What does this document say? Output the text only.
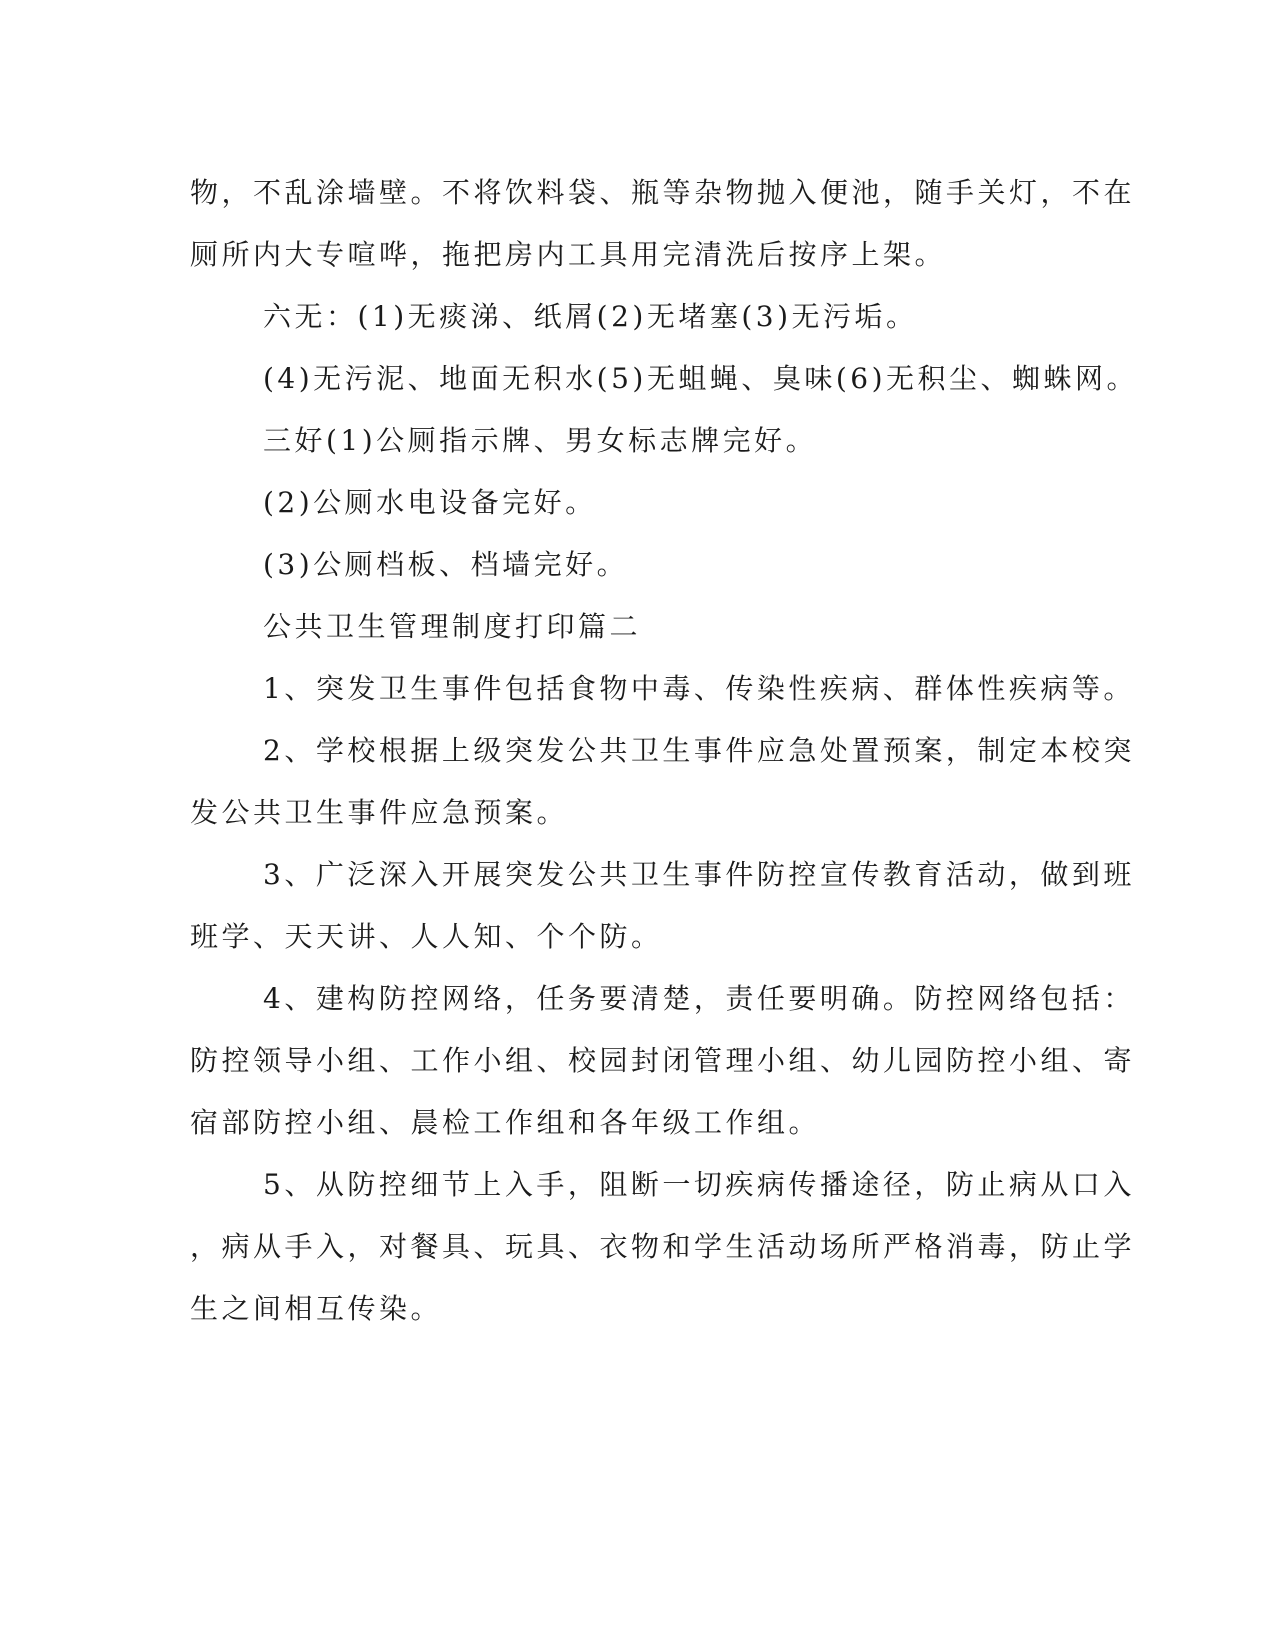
物，不乱涂墙壁。不将饮料袋、瓶等杂物抛入便池，随手关灯，不在
厕所内大专喧哗，拖把房内工具用完清洗后按序上架。
六无：(1)无痰涕、纸屑(2)无堵塞(3)无污垢。
(4)无污泥、地面无积水(5)无蛆蝇、臭味(6)无积尘、蜘蛛网。
三好(1)公厕指示牌、男女标志牌完好。
(2)公厕水电设备完好。
(3)公厕档板、档墙完好。
公共卫生管理制度打印篇二
1、突发卫生事件包括食物中毒、传染性疾病、群体性疾病等。
2、学校根据上级突发公共卫生事件应急处置预案，制定本校突
发公共卫生事件应急预案。
3、广泛深入开展突发公共卫生事件防控宣传教育活动，做到班
班学、天天讲、人人知、个个防。
4、建构防控网络，任务要清楚，责任要明确。防控网络包括：
防控领导小组、工作小组、校园封闭管理小组、幼儿园防控小组、寄
宿部防控小组、晨检工作组和各年级工作组。
5、从防控细节上入手，阻断一切疾病传播途径，防止病从口入
，病从手入，对餐具、玩具、衣物和学生活动场所严格消毒，防止学
生之间相互传染。
